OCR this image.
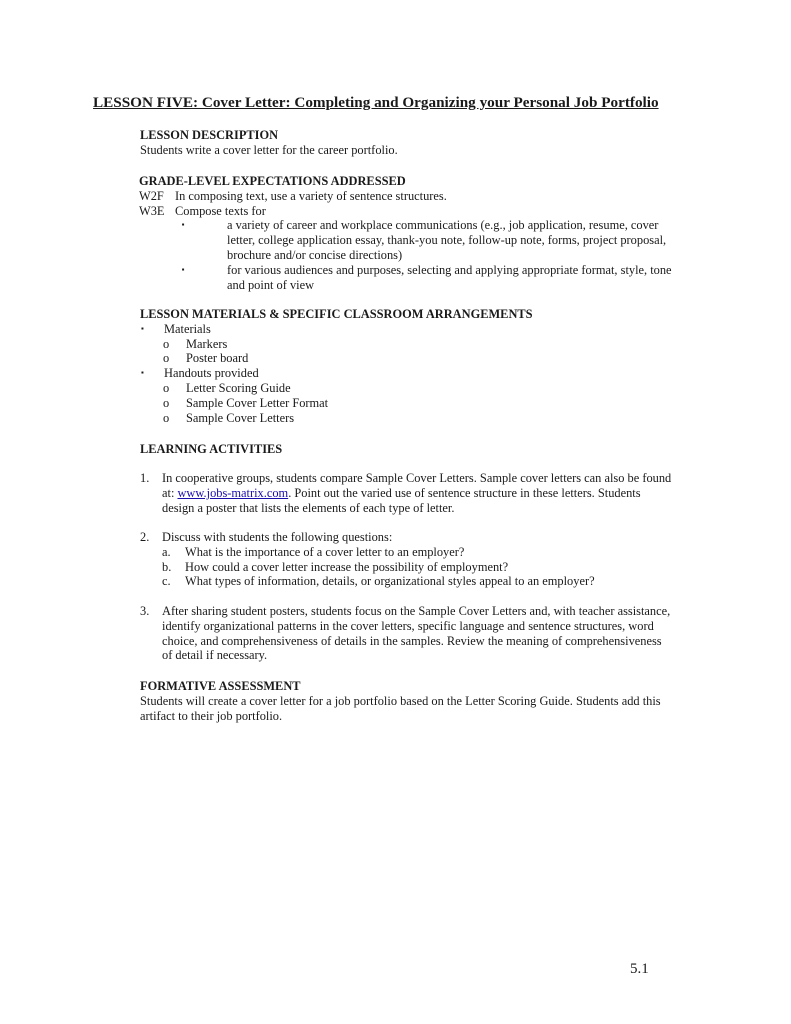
LESSON FIVE: Cover Letter: Completing and Organizing your Personal Job Portfolio
LESSON DESCRIPTION
Students write a cover letter for the career portfolio.
GRADE-LEVEL EXPECTATIONS ADDRESSED
W2F In composing text, use a variety of sentence structures.
W3E Compose texts for
▪	a variety of career and workplace communications (e.g., job application, resume, cover
letter, college application essay, thank-you note, follow-up note, forms, project proposal,
brochure and/or concise directions)
▪	for various audiences and purposes, selecting and applying appropriate format, style, tone
and point of view
LESSON MATERIALS & SPECIFIC CLASSROOM ARRANGEMENTS
▪	Materials
o	Markers
o	Poster board
▪	Handouts provided
o	Letter Scoring Guide
o	Sample Cover Letter Format
o	Sample Cover Letters
LEARNING ACTIVITIES
1.	In cooperative groups, students compare Sample Cover Letters. Sample cover letters can also be found
at: www.jobs-matrix.com. Point out the varied use of sentence structure in these letters. Students
design a poster that lists the elements of each type of letter.
2.	Discuss with students the following questions:
a.	What is the importance of a cover letter to an employer?
b.	How could a cover letter increase the possibility of employment?
c.	What types of information, details, or organizational styles appeal to an employer?
3.	After sharing student posters, students focus on the Sample Cover Letters and, with teacher assistance,
identify organizational patterns in the cover letters, specific language and sentence structures, word
choice, and comprehensiveness of details in the samples. Review the meaning of comprehensiveness
of detail if necessary.
FORMATIVE ASSESSMENT
Students will create a cover letter for a job portfolio based on the Letter Scoring Guide. Students add this
artifact to their job portfolio.
5.1
